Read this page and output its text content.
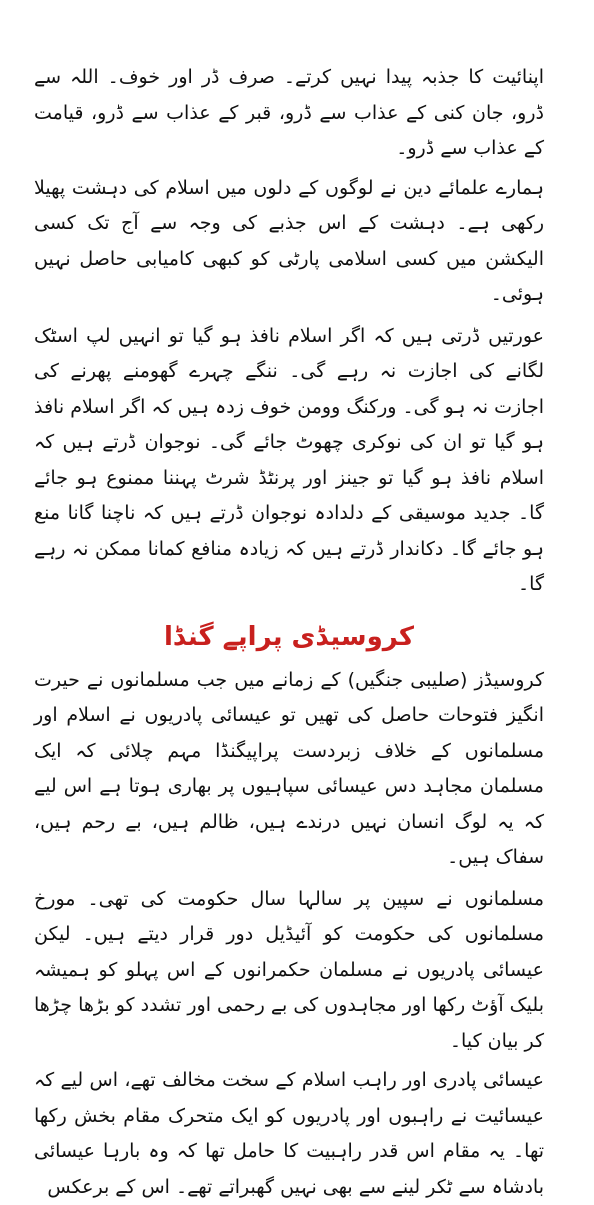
اپنائیت کا جذبہ پیدا نہیں کرتے۔ صرف ڈر اور خوف۔ اللہ سے ڈرو، جان کنی کے عذاب سے ڈرو، قبر کے عذاب سے ڈرو، قیامت کے عذاب سے ڈرو۔

ہمارے علمائے دین نے لوگوں کے دلوں میں اسلام کی دہشت پھیلا رکھی ہے۔ دہشت کے اس جذبے کی وجہ سے آج تک کسی الیکشن میں کسی اسلامی پارٹی کو کبھی کامیابی حاصل نہیں ہوئی۔

عورتیں ڈرتی ہیں کہ اگر اسلام نافذ ہو گیا تو انہیں لپ اسٹک لگانے کی اجازت نہ رہے گی۔ ننگے چہرے گھومنے پھرنے کی اجازت نہ ہو گی۔ ورکنگ وومن خوف زدہ ہیں کہ اگر اسلام نافذ ہو گیا تو ان کی نوکری چھوٹ جائے گی۔ نوجوان ڈرتے ہیں کہ اسلام نافذ ہو گیا تو جینز اور پرنٹڈ شرٹ پہننا ممنوع ہو جائے گا۔ جدید موسیقی کے دلدادہ نوجوان ڈرتے ہیں کہ ناچنا گانا منع ہو جائے گا۔ دکاندار ڈرتے ہیں کہ زیادہ منافع کمانا ممکن نہ رہے گا۔

کروسیڈی پراپے گنڈا

کروسیڈز (صلیبی جنگیں) کے زمانے میں جب مسلمانوں نے حیرت انگیز فتوحات حاصل کی تھیں تو عیسائی پادریوں نے اسلام اور مسلمانوں کے خلاف زبردست پراپیگنڈا مہم چلائی کہ ایک مسلمان مجاہد دس عیسائی سپاہیوں پر بھاری ہوتا ہے اس لیے کہ یہ لوگ انسان نہیں درندے ہیں، ظالم ہیں، بے رحم ہیں، سفاک ہیں۔

مسلمانوں نے سپین پر سالہا سال حکومت کی تھی۔ مورخ مسلمانوں کی حکومت کو آئیڈیل دور قرار دیتے ہیں۔ لیکن عیسائی پادریوں نے مسلمان حکمرانوں کے اس پہلو کو ہمیشہ بلیک آؤٹ رکھا اور مجاہدوں کی بے رحمی اور تشدد کو بڑھا چڑھا کر بیان کیا۔

عیسائی پادری اور راہب اسلام کے سخت مخالف تھے، اس لیے کہ عیسائیت نے راہبوں اور پادریوں کو ایک متحرک مقام بخش رکھا تھا۔ یہ مقام اس قدر راہبیت کا حامل تھا کہ وہ بارہا عیسائی بادشاہ سے ٹکر لینے سے بھی نہیں گھبراتے تھے۔ اس کے برعکس
